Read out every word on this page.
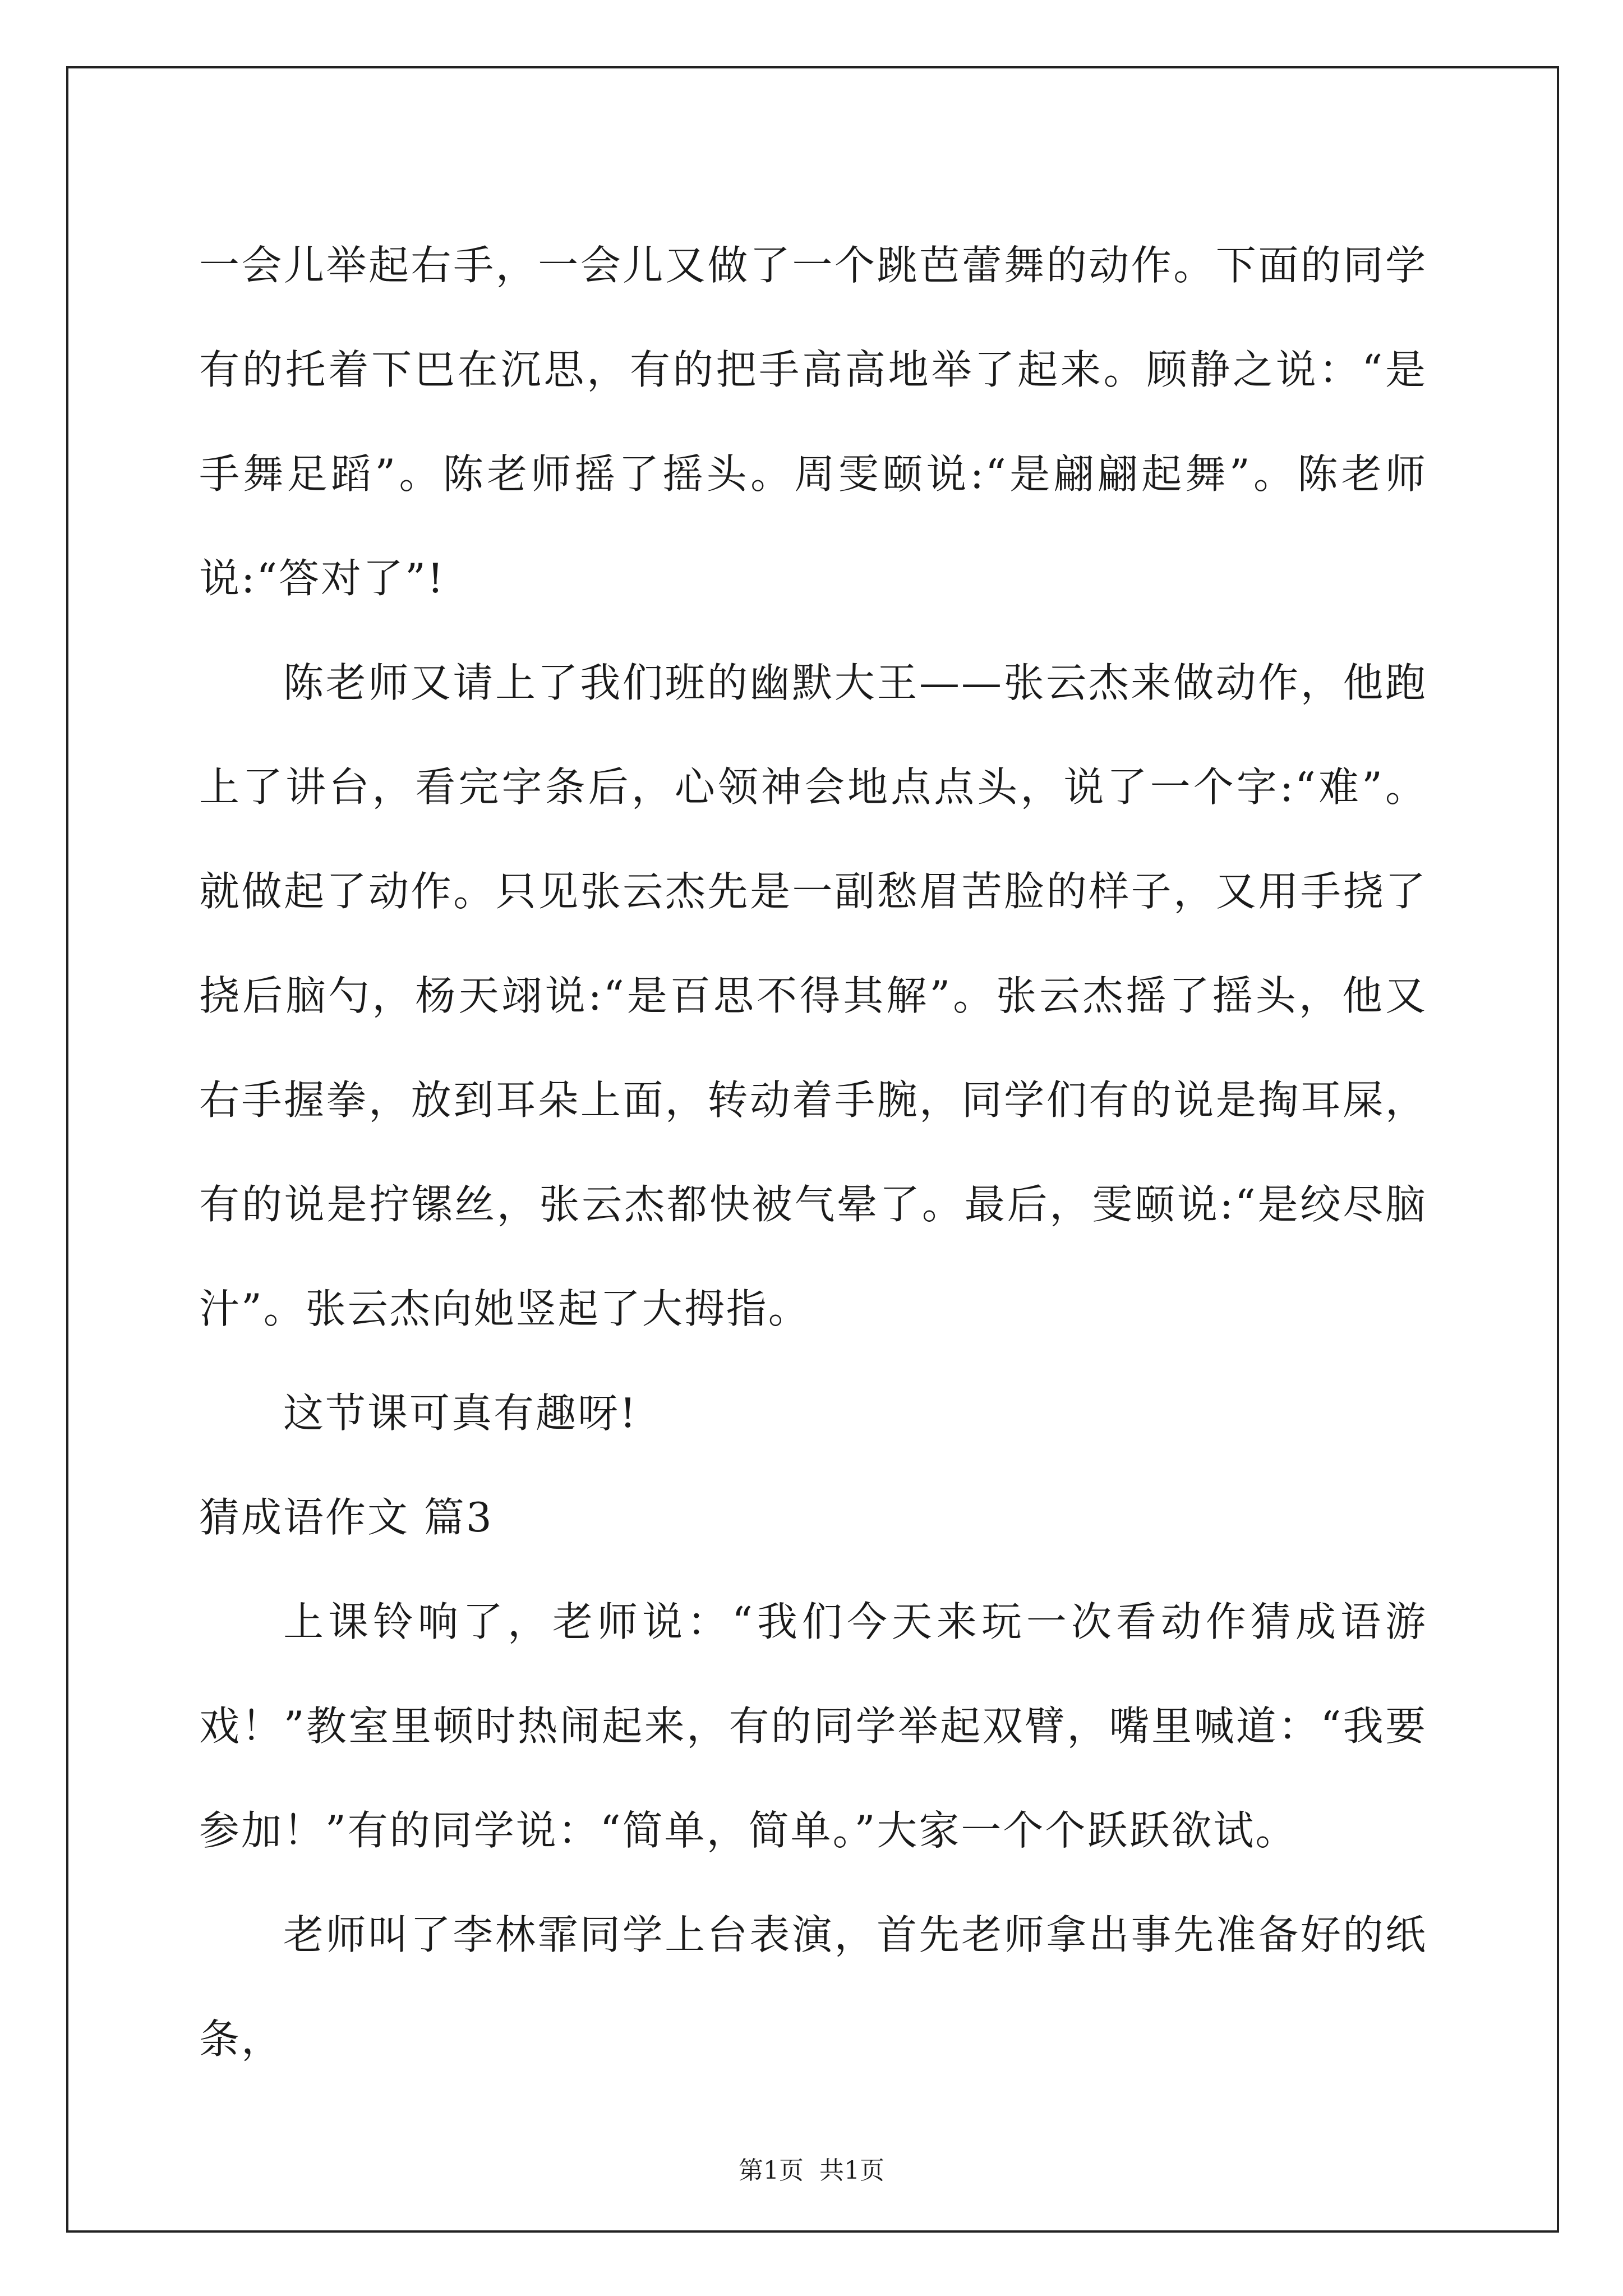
一会儿举起右手，一会儿又做了一个跳芭蕾舞的动作。下面的同学有的托着下巴在沉思，有的把手高高地举了起来。顾静之说：“是手舞足蹈”。陈老师摇了摇头。周雯颐说:“是翩翩起舞”。陈老师说:“答对了”!

陈老师又请上了我们班的幽默大王——张云杰来做动作，他跑上了讲台，看完字条后，心领神会地点点头，说了一个字:“难”。就做起了动作。只见张云杰先是一副愁眉苦脸的样子，又用手挠了挠后脑勺，杨天翊说:“是百思不得其解”。张云杰摇了摇头，他又右手握拳，放到耳朵上面，转动着手腕，同学们有的说是掏耳屎，有的说是拧镙丝，张云杰都快被气晕了。最后，雯颐说:“是绞尽脑汁”。张云杰向她竖起了大拇指。

这节课可真有趣呀!

猜成语作文 篇3

上课铃响了，老师说：“我们今天来玩一次看动作猜成语游戏！”教室里顿时热闹起来，有的同学举起双臂，嘴里喊道：“我要参加！”有的同学说：“简单，简单。”大家一个个跃跃欲试。

老师叫了李林霏同学上台表演，首先老师拿出事先准备好的纸条，

第1页 共1页
